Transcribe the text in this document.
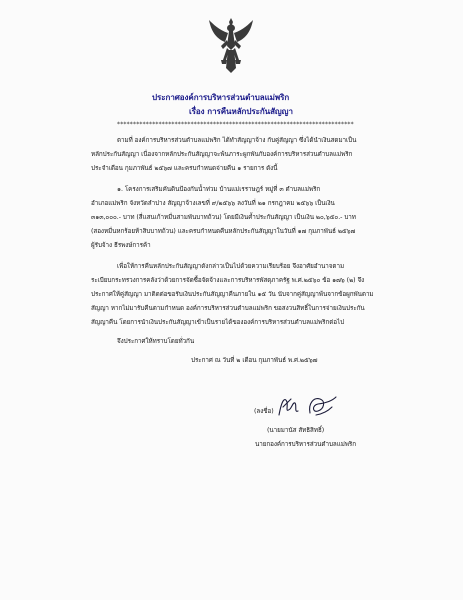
ประกาศองค์การบริหารส่วนตำบลแม่พริก
เรื่อง การคืนหลักประกันสัญญา
**************************************************************************
ตามที่ องค์การบริหารส่วนตำบลแม่พริก ได้ทำสัญญาจ้าง กับคู่สัญญา ซึ่งได้นำเงินสดมาเป็น
หลักประกันสัญญา เนื่องจากหลักประกันสัญญาจะพ้นภาระผูกพันกับองค์การบริหารส่วนตำบลแม่พริก
ประจำเดือน กุมภาพันธ์ ๒๕๖๗ และครบกำหนดจ่ายคืน ๑ รายการ ดังนี้
๑. โครงการเสริมคันดินป้องกันน้ำท่วม บ้านแม่เรราษฎร์ หมู่ที่ ๓ ตำบลแม่พริก
อำเภอแม่พริก จังหวัดลำปาง สัญญาจ้างเลขที่ ๙/๒๕๖๖ ลงวันที่ ๒๑ กรกฎาคม ๒๕๖๖ เป็นเงิน
๓๑๓,๐๐๐.- บาท (สี่แสนเก้าหมื่นสามพันบาทถ้วน) โดยมีเงินค้ำประกันสัญญา เป็นเงิน ๒๐,๖๕๐.- บาท
(สองหมื่นหกร้อยห้าสิบบาทถ้วน) และครบกำหนดคืนหลักประกันสัญญาในวันที่ ๑๗ กุมภาพันธ์ ๒๕๖๗
ผู้รับจ้าง ธีรพงษ์การค้า
เพื่อให้การคืนหลักประกันสัญญาดังกล่าวเป็นไปด้วยความเรียบร้อย จึงอาศัยอำนาจตาม
ระเบียบกระทรวงการคลังว่าด้วยการจัดซื้อจัดจ้างและการบริหารพัสดุภาครัฐ พ.ศ.๒๕๖๐ ข้อ ๑๗๖ (๒) จึง
ประกาศให้คู่สัญญา มาติดต่อขอรับเงินประกันสัญญาคืนภายใน ๑๕ วัน นับจากคู่สัญญาพ้นจากข้อผูกพันตาม
สัญญา หากไม่มารับคืนตามกำหนด องค์การบริหารส่วนตำบลแม่พริก ขอสงวนสิทธิ์ในการจ่ายเงินประกัน
สัญญาคืน โดยการนำเงินประกันสัญญาเข้าเป็นรายได้ขององค์การบริหารส่วนตำบลแม่พริกต่อไป
จึงประกาศให้ทราบโดยทั่วกัน
ประกาศ ณ วันที่ ๒ เดือน กุมภาพันธ์ พ.ศ.๒๕๖๗
(ลงชื่อ)
(นายมานัส สัทธิสิทธิ์)
นายกองค์การบริหารส่วนตำบลแม่พริก
